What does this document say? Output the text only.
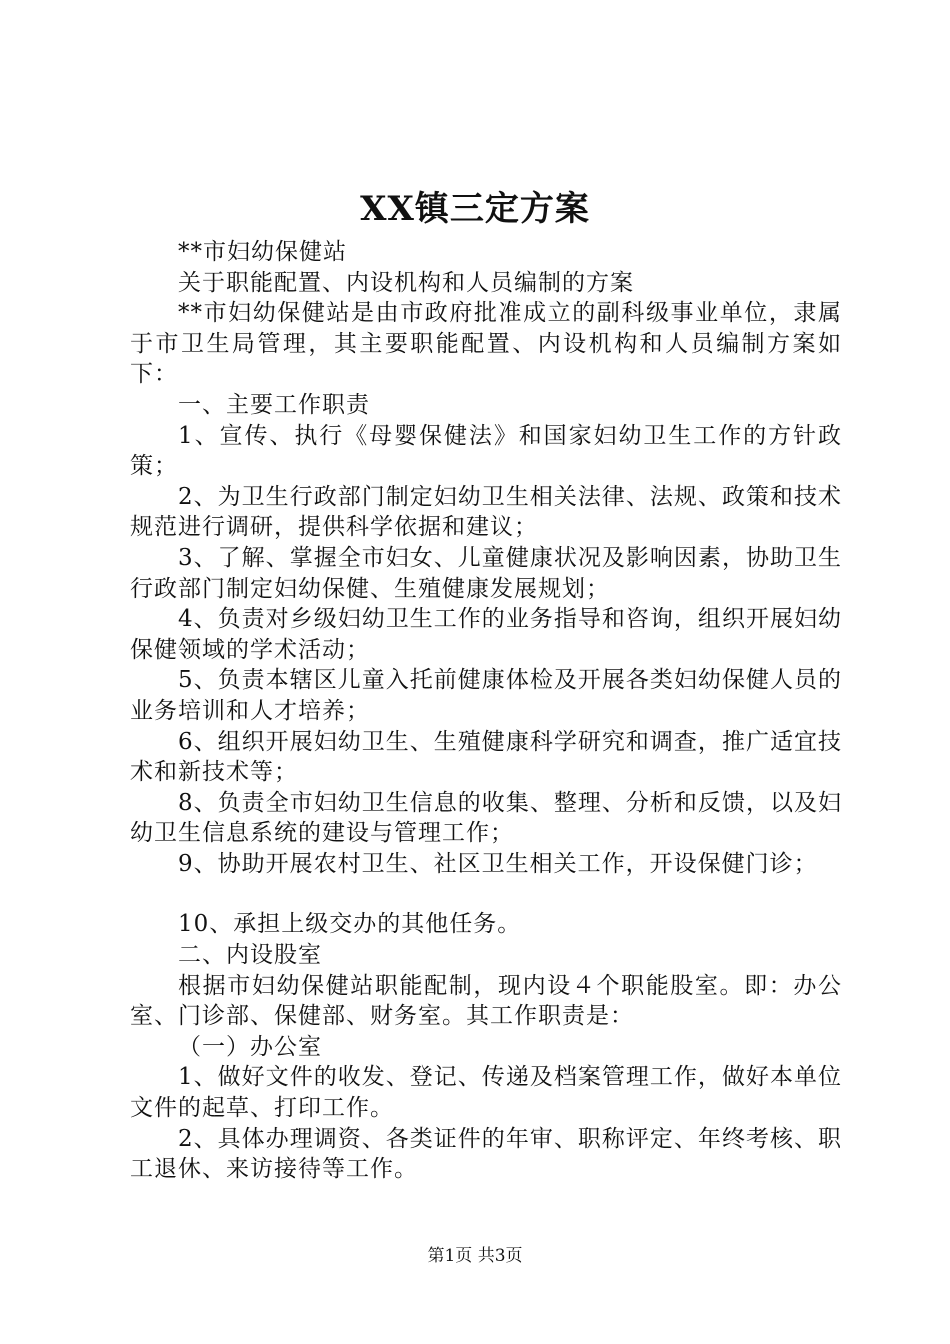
XX镇三定方案

**市妇幼保健站

关于职能配置、内设机构和人员编制的方案

**市妇幼保健站是由市政府批准成立的副科级事业单位，隶属于市卫生局管理，其主要职能配置、内设机构和人员编制方案如下：

一、主要工作职责

1、宣传、执行《母婴保健法》和国家妇幼卫生工作的方针政策；

2、为卫生行政部门制定妇幼卫生相关法律、法规、政策和技术规范进行调研，提供科学依据和建议；

3、了解、掌握全市妇女、儿童健康状况及影响因素，协助卫生行政部门制定妇幼保健、生殖健康发展规划；

4、负责对乡级妇幼卫生工作的业务指导和咨询，组织开展妇幼保健领域的学术活动；

5、负责本辖区儿童入托前健康体检及开展各类妇幼保健人员的业务培训和人才培养；

6、组织开展妇幼卫生、生殖健康科学研究和调查，推广适宜技术和新技术等；

8、负责全市妇幼卫生信息的收集、整理、分析和反馈，以及妇幼卫生信息系统的建设与管理工作；

9、协助开展农村卫生、社区卫生相关工作，开设保健门诊；

10、承担上级交办的其他任务。

二、内设股室

根据市妇幼保健站职能配制，现内设４个职能股室。即：办公室、门诊部、保健部、财务室。其工作职责是：

（一）办公室

1、做好文件的收发、登记、传递及档案管理工作，做好本单位文件的起草、打印工作。

2、具体办理调资、各类证件的年审、职称评定、年终考核、职工退休、来访接待等工作。

第1页 共3页
